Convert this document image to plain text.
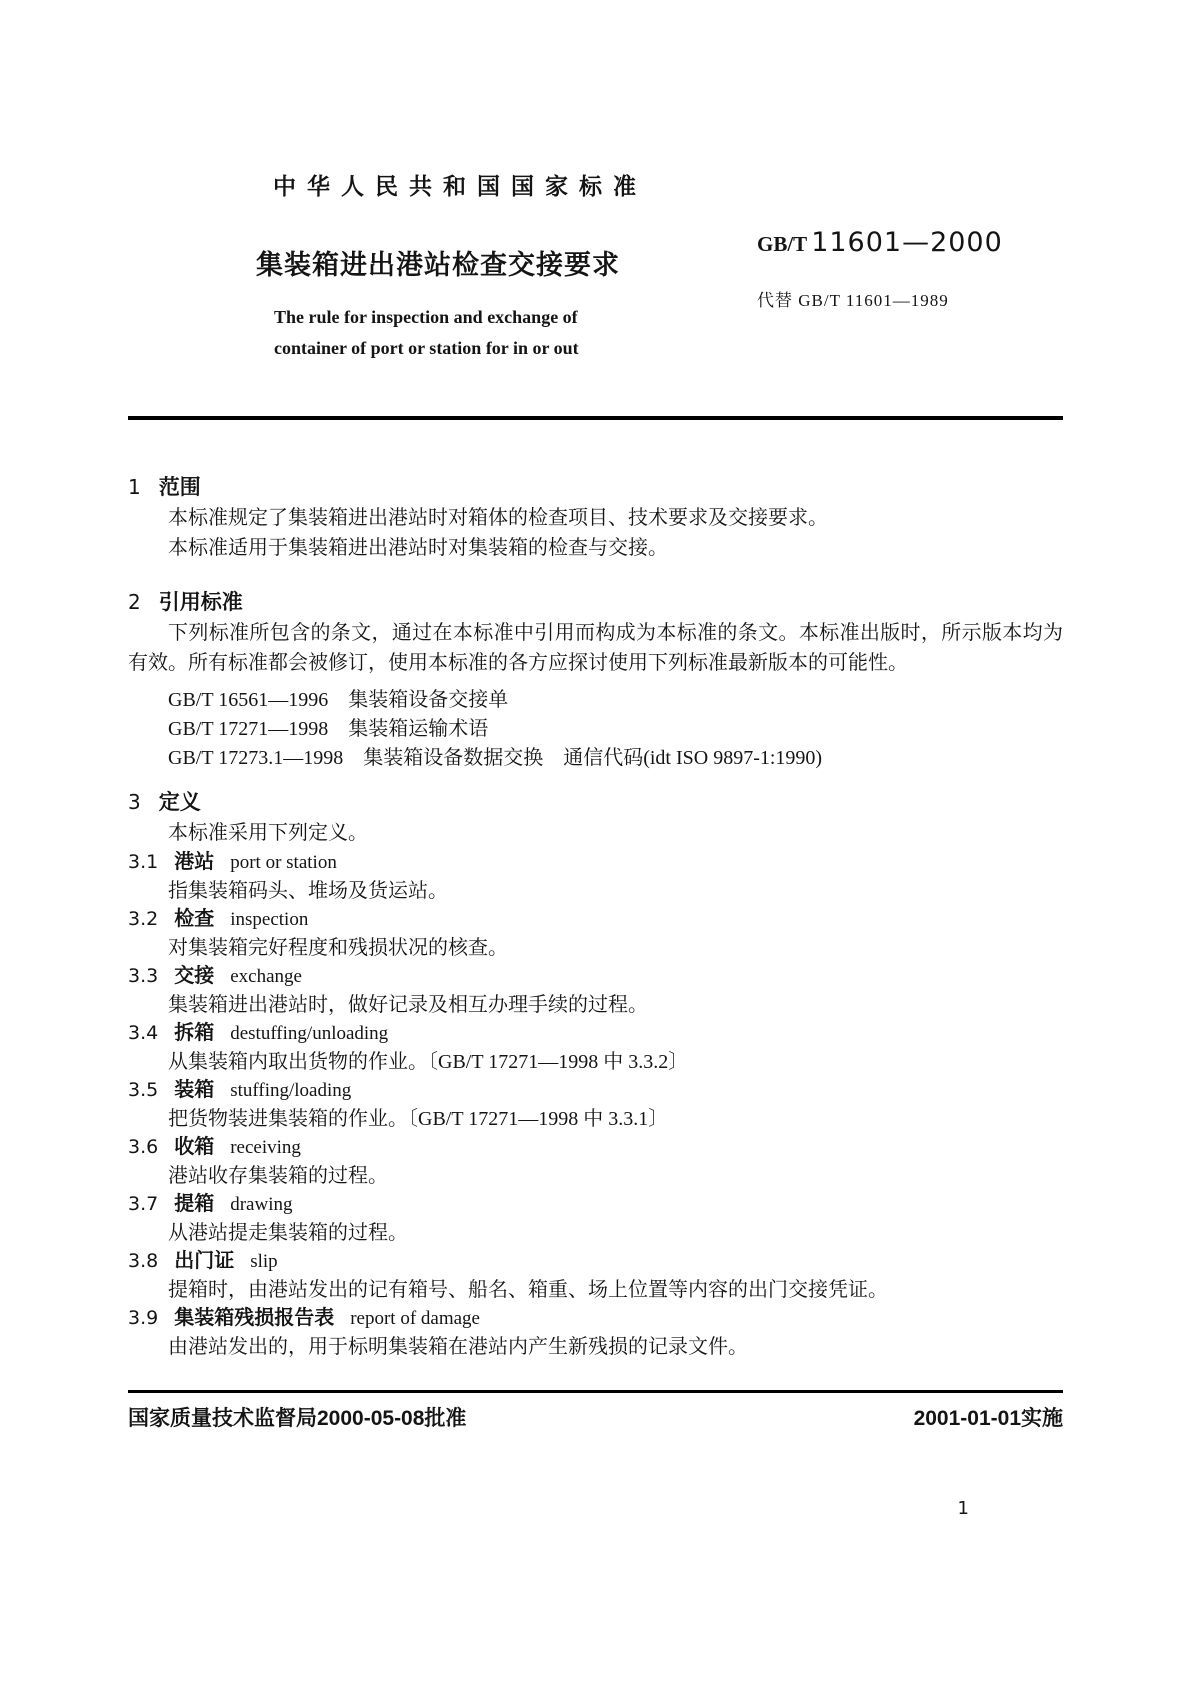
中华人民共和国国家标准
集装箱进出港站检查交接要求
The rule for inspection and exchange of
container of port or station for in or out
GB/T 11601—2000
代替 GB/T 11601—1989
1 范围

本标准规定了集装箱进出港站时对箱体的检查项目、技术要求及交接要求。

本标准适用于集装箱进出港站时对集装箱的检查与交接。

2 引用标准

下列标准所包含的条文，通过在本标准中引用而构成为本标准的条文。本标准出版时，所示版本均为有效。所有标准都会被修订，使用本标准的各方应探讨使用下列标准最新版本的可能性。

GB/T 16561—1996　集装箱设备交接单

GB/T 17271—1998　集装箱运输术语

GB/T 17273.1—1998　集装箱设备数据交换　通信代码(idt ISO 9897-1:1990)

3 定义

本标准采用下列定义。

3.1 港站 port or station

指集装箱码头、堆场及货运站。

3.2 检查 inspection

对集装箱完好程度和残损状况的核查。

3.3 交接 exchange

集装箱进出港站时，做好记录及相互办理手续的过程。

3.4 拆箱 destuffing/unloading

从集装箱内取出货物的作业。〔GB/T 17271—1998 中 3.3.2〕

3.5 装箱 stuffing/loading

把货物装进集装箱的作业。〔GB/T 17271—1998 中 3.3.1〕

3.6 收箱 receiving

港站收存集装箱的过程。

3.7 提箱 drawing

从港站提走集装箱的过程。

3.8 出门证 slip

提箱时，由港站发出的记有箱号、船名、箱重、场上位置等内容的出门交接凭证。

3.9 集装箱残损报告表 report of damage

由港站发出的，用于标明集装箱在港站内产生新残损的记录文件。

国家质量技术监督局2000-05-08批准	2001-01-01实施
1
